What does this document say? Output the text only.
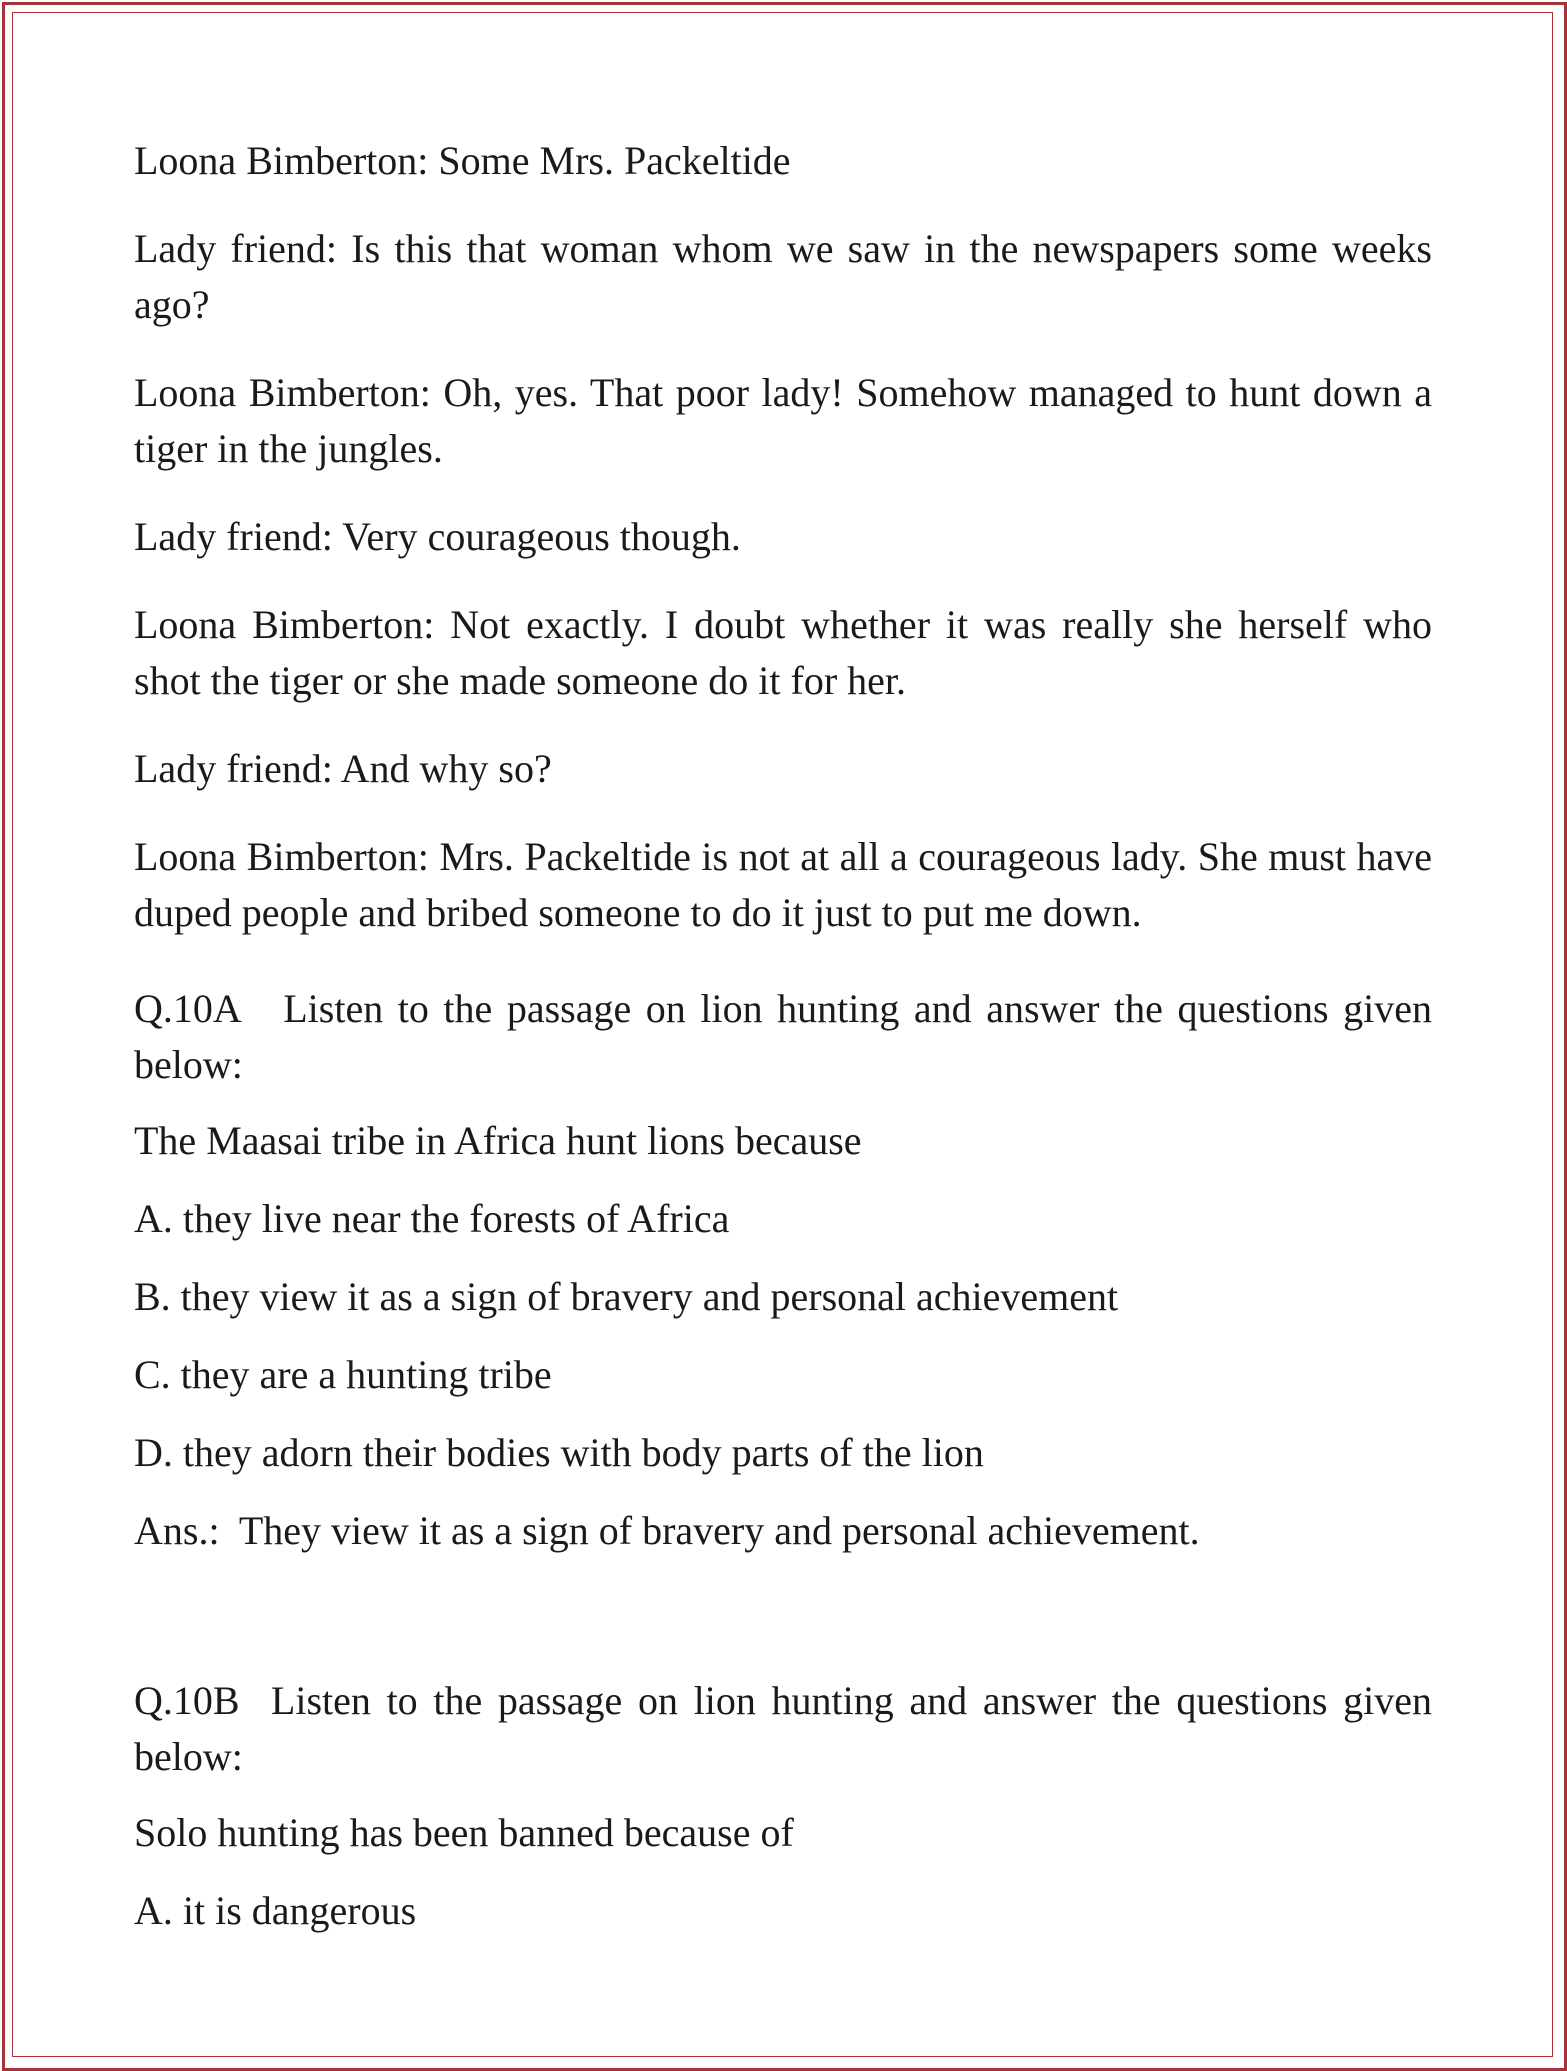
Loona Bimberton: Some Mrs. Packeltide

Lady friend: Is this that woman whom we saw in the newspapers some weeks ago?

Loona Bimberton: Oh, yes. That poor lady! Somehow managed to hunt down a tiger in the jungles.

Lady friend: Very courageous though.

Loona Bimberton: Not exactly. I doubt whether it was really she herself who shot the tiger or she made someone do it for her.

Lady friend: And why so?

Loona Bimberton: Mrs. Packeltide is not at all a courageous lady. She must have duped people and bribed someone to do it just to put me down.

Q.10A   Listen to the passage on lion hunting and answer the questions given below:

The Maasai tribe in Africa hunt lions because

A. they live near the forests of Africa

B. they view it as a sign of bravery and personal achievement

C. they are a hunting tribe

D. they adorn their bodies with body parts of the lion

Ans.:  They view it as a sign of bravery and personal achievement.

Q.10B  Listen to the passage on lion hunting and answer the questions given below:

Solo hunting has been banned because of

A. it is dangerous
